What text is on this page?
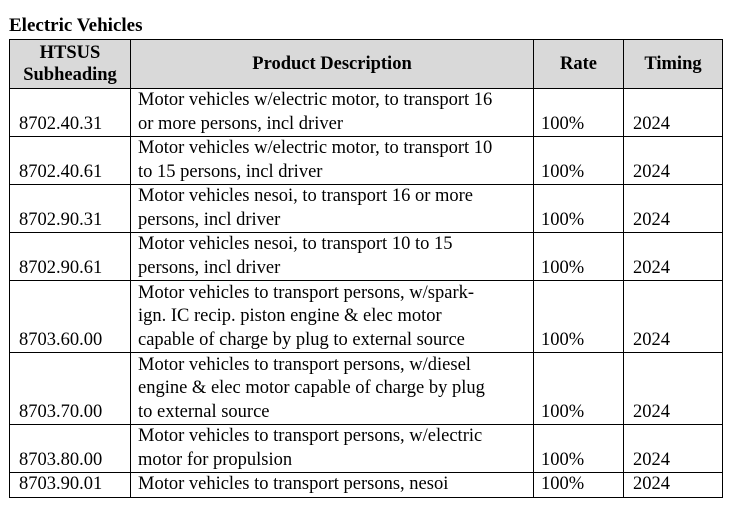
Electric Vehicles
HTSUS
Subheading	Product Description	Rate	Timing
8702.40.31	Motor vehicles w/electric motor, to transport 16
or more persons, incl driver	100%	2024
8702.40.61	Motor vehicles w/electric motor, to transport 10
to 15 persons, incl driver	100%	2024
8702.90.31	Motor vehicles nesoi, to transport 16 or more
persons, incl driver	100%	2024
8702.90.61	Motor vehicles nesoi, to transport 10 to 15
persons, incl driver	100%	2024
8703.60.00	Motor vehicles to transport persons, w/spark-
ign. IC recip. piston engine & elec motor
capable of charge by plug to external source	100%	2024
8703.70.00	Motor vehicles to transport persons, w/diesel
engine & elec motor capable of charge by plug
to external source	100%	2024
8703.80.00	Motor vehicles to transport persons, w/electric
motor for propulsion	100%	2024
8703.90.01	Motor vehicles to transport persons, nesoi	100%	2024
